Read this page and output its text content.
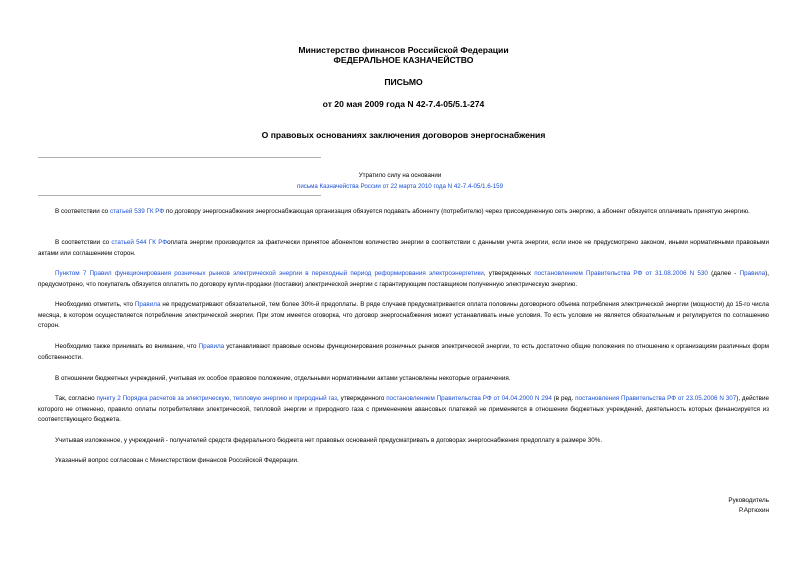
Министерство финансов Российской Федерации
ФЕДЕРАЛЬНОЕ КАЗНАЧЕЙСТВО
ПИСЬМО
от 20 мая 2009 года N 42-7.4-05/5.1-274
О правовых основаниях заключения договоров энергоснабжения
Утратило силу на основании
письма Казначейства России от 22 марта 2010 года N 42-7.4-05/1.6-159
В соответствии со статьей 539 ГК РФ по договору энергоснабжения энергоснабжающая организация обязуется подавать абоненту (потребителю) через присоединенную сеть энергию, а абонент обязуется оплачивать принятую энергию.
В соответствии со статьей 544 ГК РФоплата энергии производится за фактически принятое абонентом количество энергии в соответствии с данными учета энергии, если иное не предусмотрено законом, иными нормативными правовыми актами или соглашением сторон.
Пунктом 7 Правил функционирования розничных рынков электрической энергии в переходный период реформирования электроэнергетики, утвержденных постановлением Правительства РФ от 31.08.2006 N 530 (далее - Правила), предусмотрено, что покупатель обязуется оплатить по договору купли-продажи (поставки) электрической энергии с гарантирующим поставщиком полученную электрическую энергию.
Необходимо отметить, что Правила не предусматривают обязательной, тем более 30%-й предоплаты. В ряде случаев предусматривается оплата половины договорного объема потребления электрической энергии (мощности) до 15-го числа месяца, в котором осуществляется потребление электрической энергии. При этом имеется оговорка, что договор энергоснабжения может устанавливать иные условия. То есть условие не является обязательным и регулируется по соглашению сторон.
Необходимо также принимать во внимание, что Правила устанавливают правовые основы функционирования розничных рынков электрической энергии, то есть достаточно общие положения по отношению к организациям различных форм собственности.
В отношении бюджетных учреждений, учитывая их особое правовое положение, отдельными нормативными актами установлены некоторые ограничения.
Так, согласно пункту 2 Порядка расчетов за электрическую, тепловую энергию и природный газ, утвержденного постановлением Правительства РФ от 04.04.2000 N 294 (в ред. постановления Правительства РФ от 23.05.2006 N 307), действие которого не отменено, правило оплаты потребителями электрической, тепловой энергии и природного газа с применением авансовых платежей не применяется в отношении бюджетных учреждений, деятельность которых финансируется из соответствующего бюджета.
Учитывая изложенное, у учреждений - получателей средств федерального бюджета нет правовых оснований предусматривать в договорах энергоснабжения предоплату в размере 30%.
Указанный вопрос согласован с Министерством финансов Российской Федерации.
Руководитель
Р.Артюхин
